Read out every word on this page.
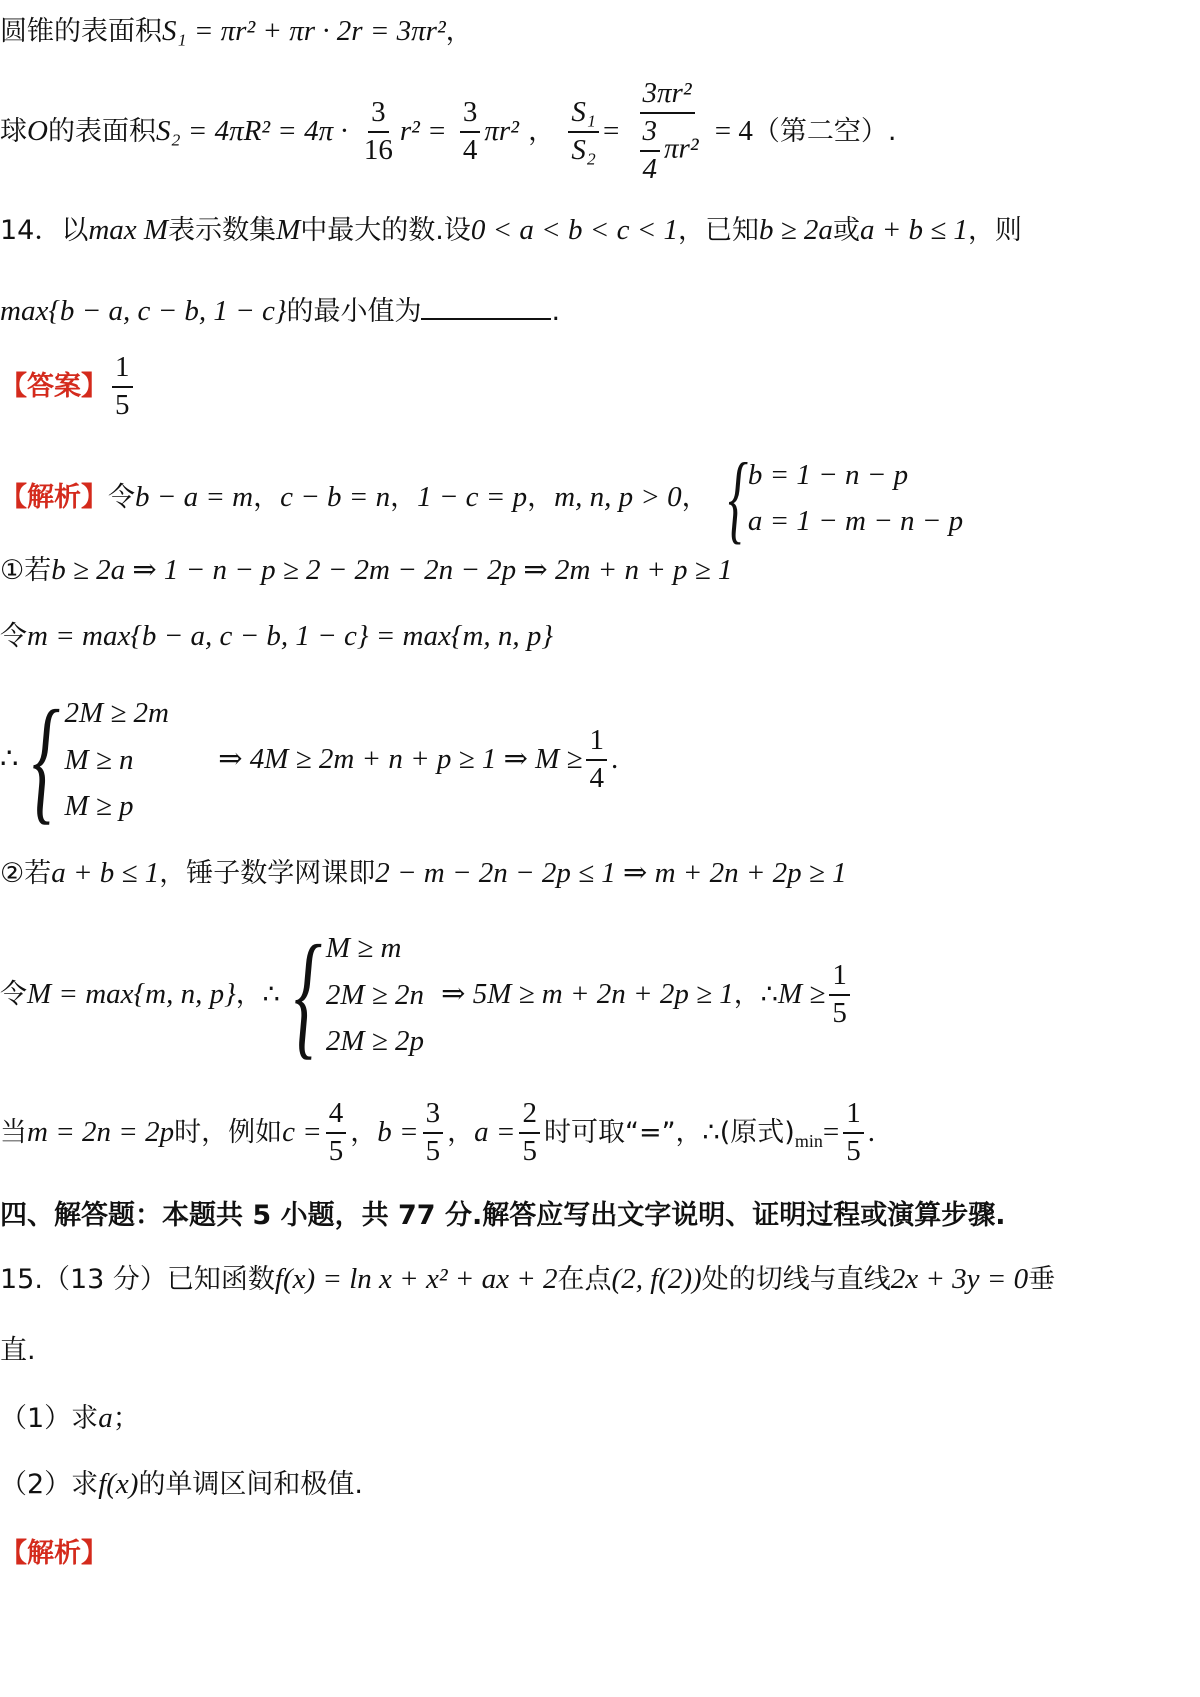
圆锥的表面积S₁ = πr² + πr · 2r = 3πr²，
球O的表面积$S_2 = 4\pi R^2 = 4\pi \cdot \frac{3}{16} r^2 = \frac{3}{4} \pi r^2$ ， $\frac{\text{S₁}}{\text{S₂}} = \frac{\text{3πr²}}{\frac{3}{4} \pi r^2} = 4$（第二空）.
14．以max M表示数集M中最大的数.设0 < a < b < c < 1，已知b ≥ 2a或a + b ≤ 1，则
max{b − a, c − b, 1 − c}的最小值为	.
【答案】 $\frac{1}{5}$
【解析】令b − a = m，c − b = n，1 − c = p，m, n, p > 0， { b = 1 − n − p
a = 1 − m − n − p
①若b ≥ 2a ⇒ 1 − n − p ≥ 2 − 2m − 2n − 2p ⇒ 2m + n + p ≥ 1
令m = max{b − a, c − b, 1 − c} = max{m, n, p}
∴ { 2M ≥ 2m
M ≥ n
M ≥ p
⇒ 4M ≥ 2m + n + p ≥ 1 ⇒ $M \ge \frac{1}{4}$ .
②若a + b ≤ 1，锤子数学网课即2 − m − 2n − 2p ≤ 1 ⇒ m + 2n + 2p ≥ 1
令M = max{m, n, p}，∴ { M ≥ m
2M ≥ 2n
2M ≥ 2p
⇒ 5M ≥ m + 2n + 2p ≥ 1，∴M ≥ $\frac{1}{5}$
当m = 2n = 2p时，例如$c = \frac{4}{5}$ ，$b = \frac{3}{5}$ ，$a = \frac{2}{5}$ 时可取“=”，∴(原式)$_{min}= \frac{1}{5}$ .
四、解答题：本题共 5 小题，共 77 分.解答应写出文字说明、证明过程或演算步骤.
15.（13 分）已知函数f(x) = ln x + x² + ax + 2在点(2, f(2))处的切线与直线2x + 3y = 0垂
直.
（1）求a；
（2）求f(x)的单调区间和极值.
【解析】
